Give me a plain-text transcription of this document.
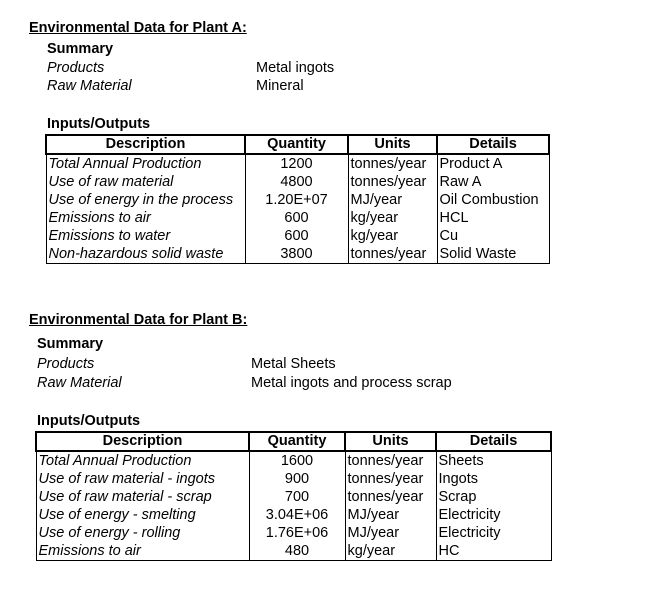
Environmental Data for Plant A:
Summary
Products	Metal ingots
Raw Material	Mineral
Inputs/Outputs
Description	Quantity	Units	Details
Total Annual Production	1200	tonnes/year	Product A
Use of raw material	4800	tonnes/year	Raw A
Use of energy in the process	1.20E+07	MJ/year	Oil Combustion
Emissions to air	600	kg/year	HCL
Emissions to water	600	kg/year	Cu
Non-hazardous solid waste	3800	tonnes/year	Solid Waste
Environmental Data for Plant B:
Summary
Products	Metal Sheets
Raw Material	Metal ingots and process scrap
Inputs/Outputs
Description	Quantity	Units	Details
Total Annual Production	1600	tonnes/year	Sheets
Use of raw material - ingots	900	tonnes/year	Ingots
Use of raw material - scrap	700	tonnes/year	Scrap
Use of energy - smelting	3.04E+06	MJ/year	Electricity
Use of energy - rolling	1.76E+06	MJ/year	Electricity
Emissions to air	480	kg/year	HC
